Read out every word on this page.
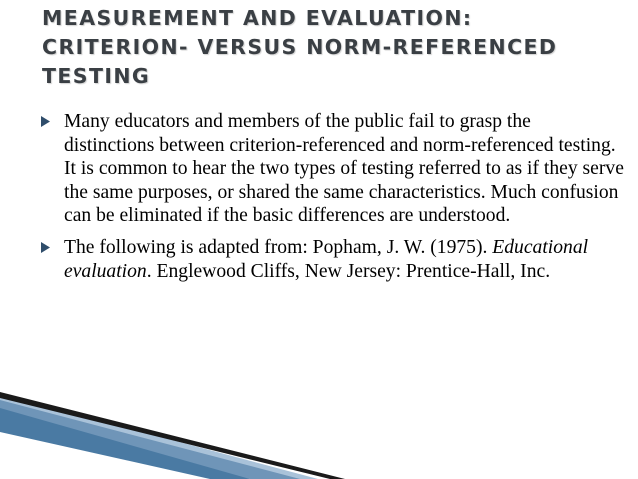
MEASUREMENT AND EVALUATION:
CRITERION- VERSUS NORM-REFERENCED
TESTING
Many educators and members of the public fail to grasp the distinctions between criterion-referenced and norm-referenced testing. It is common to hear the two types of testing referred to as if they serve the same purposes, or shared the same characteristics. Much confusion can be eliminated if the basic differences are understood.
The following is adapted from: Popham, J. W. (1975). Educational evaluation. Englewood Cliffs, New Jersey: Prentice-Hall, Inc.
